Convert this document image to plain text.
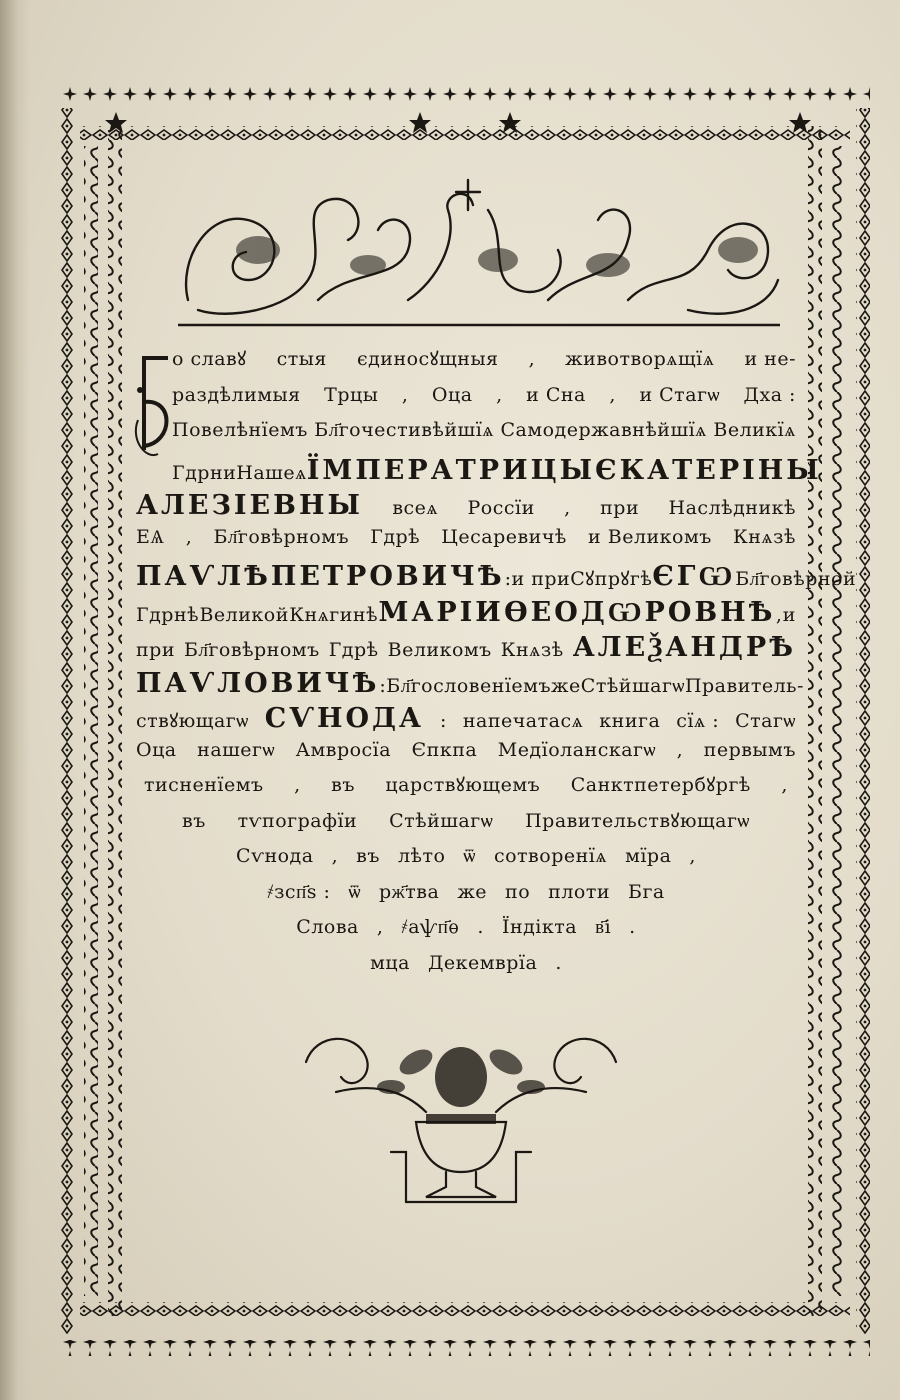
о славꙋ стыя єдиносꙋщныя , животворѧщїѧ и не-
раздѣлимыя Трцы , Оца , и Сна , и Стагѡ Дха :
Повелѣнїемъ Бл҃гочестивѣйшїѧ Самодержавнѣйшїѧ Великїѧ
Гдрни Нашеѧ ЇМПЕРАТРИЦЫ ЄКАТЕРІНЫ
АЛЕЗІЕВНЫ всеѧ Россїи , при Наслѣдникѣ
ЕѦ , Бл҃говѣрномъ Гдрѣ Цесаревичѣ и Великомъ Кнѧзѣ
ПАѴЛѢ ПЕТРОВИЧѢ : и при Сꙋпрꙋгѣ ЄГѠ Бл҃говѣрной
Гдрнѣ Великой Кнѧгинѣ МАРІИ ѲЕОДѠРОВНѢ , и
при Бл҃говѣрномъ Гдрѣ Великомъ Кнѧзѣ АЛЕѮАНДРѢ
ПАѴЛОВИЧѢ : Бл҃гословенїемъ же Стѣйшагѡ Правитель-
ствꙋющагѡ СѴНОДА : напечатасѧ книга сїѧ : Стагѡ
Оца нашегѡ Амвросїа Єпкпа Медїоланскагѡ , первымъ
тисненїемъ , въ царствꙋющемъ Санктпетербꙋргѣ ,
въ тѵпографїи Стѣйшагѡ Правительствꙋющагѡ
Сѵнода , въ лѣто ѿ сотворенїѧ мїра ,
҂зсп҃s : ѿ рж҃тва же по плоти Бга
Слова , ҂аѱп҃ѳ . Їндікта в҃і .
мца Декемврїа .
